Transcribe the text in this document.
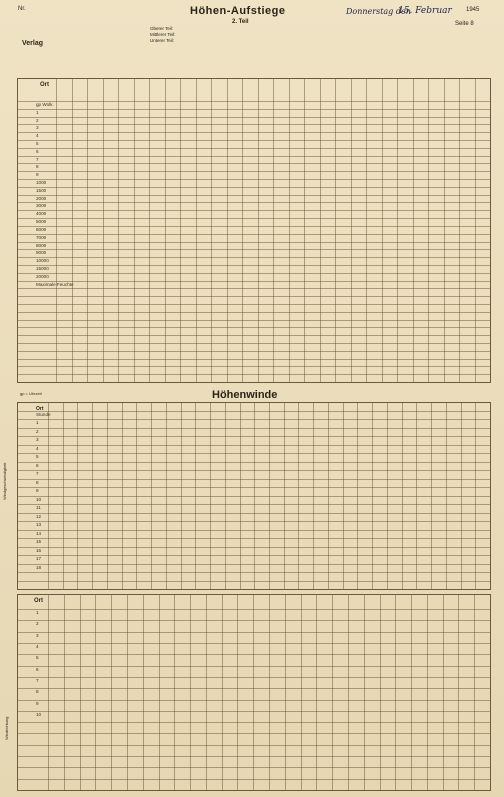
Nr.	Höhen-Aufstiege
2. Teil
Donnerstag den
15. Februar 1945
Seite 8
Verlag
Oberer Teil:
Mittlerer Teil:
Unterer Teil:
gp Wolk.
1
2
3
4
5
6
7
8
9
1000
1500
2000
3000
4000
5000
6000
7000
8000
9000
10000
15000
20000
Maximale Feuchte
Ort
Höhenwinde
gp = Uhrzeit
Stunde
1
2
3
4
5
6
7
8
9
10
11
12
13
14
15
16
17
18
Ort
Windgeschwindigkeit
1
2
3
4
5
6
7
8
9
10
Ort
Windrichtung
